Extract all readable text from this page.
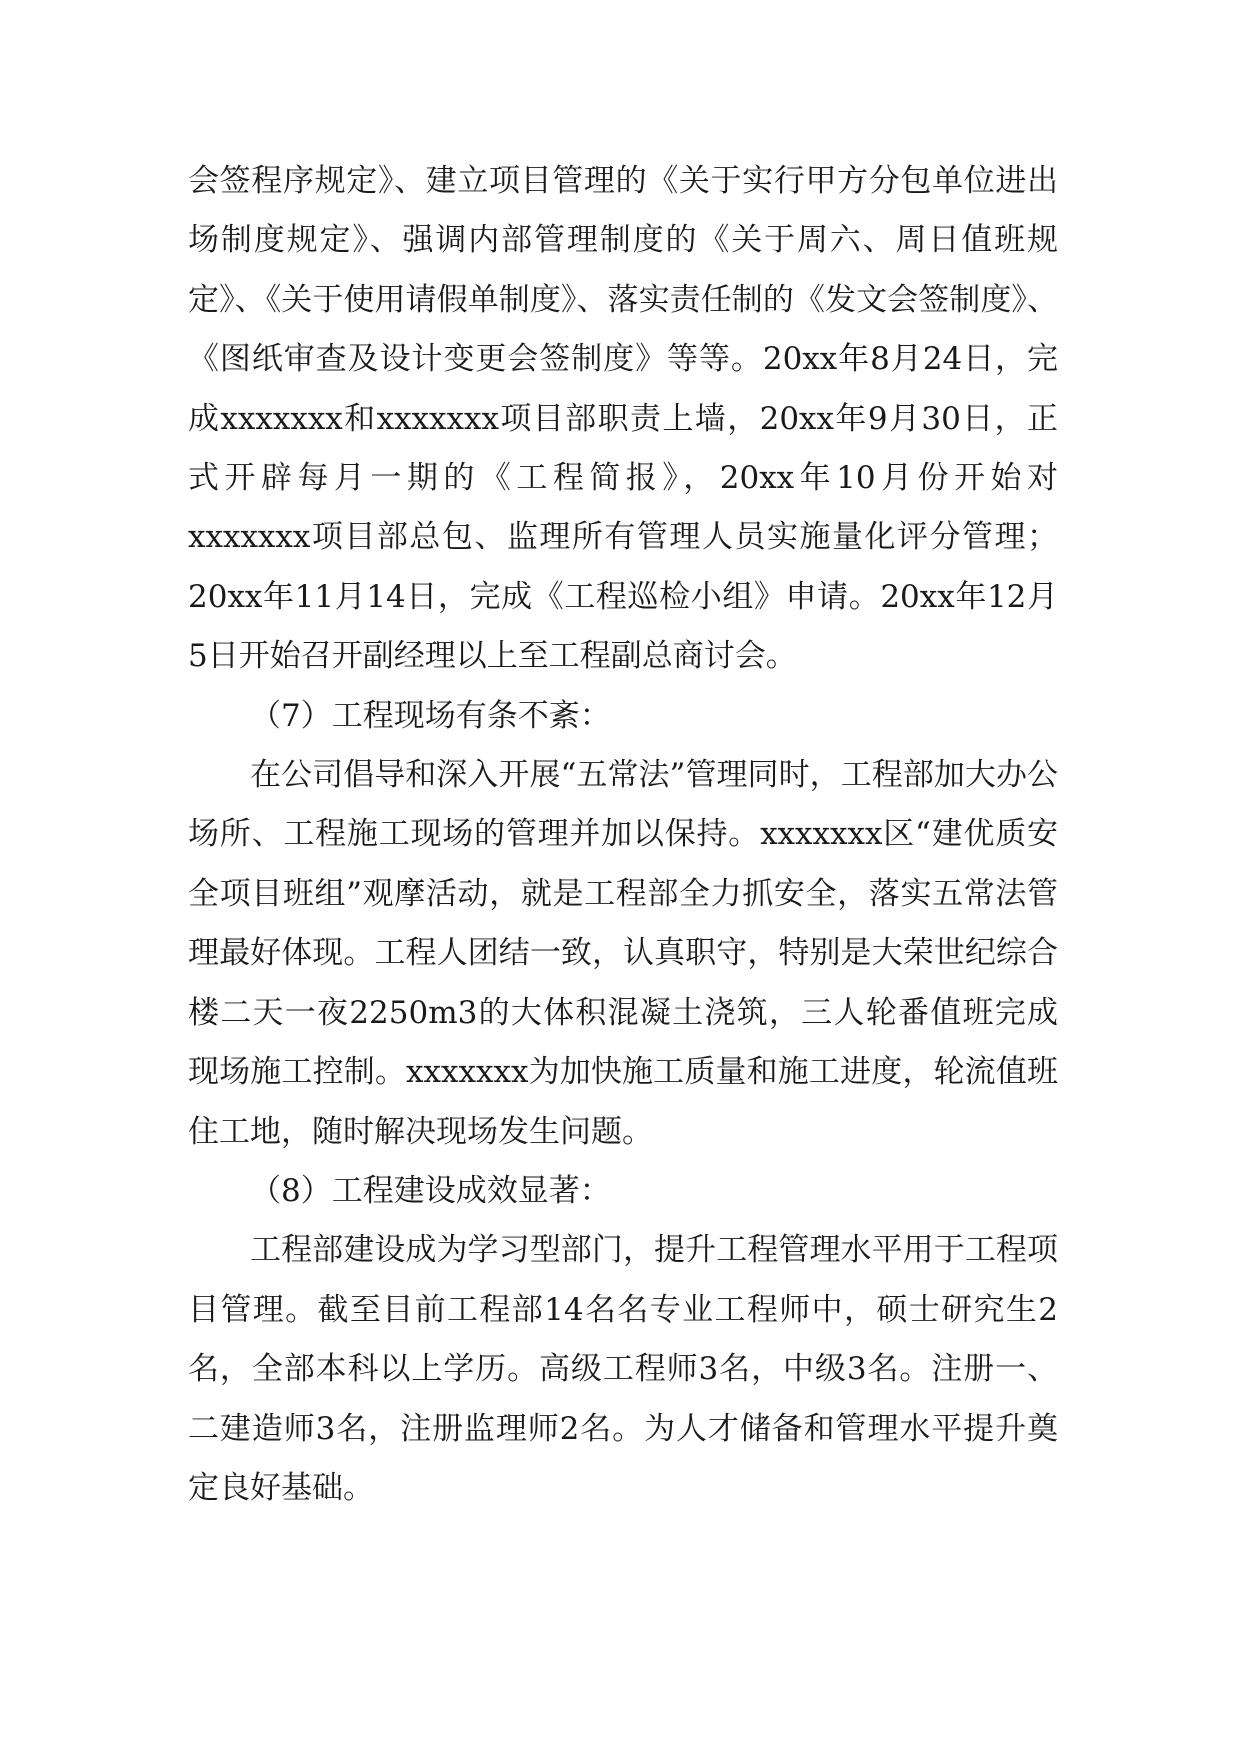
会签程序规定》、建立项目管理的《关于实行甲方分包单位进出场制度规定》、强调内部管理制度的《关于周六、周日值班规定》、《关于使用请假单制度》、落实责任制的《发文会签制度》、《图纸审查及设计变更会签制度》等等。20xx年8月24日，完成xxxxxxx和xxxxxxx项目部职责上墙，20xx年9月30日，正式开辟每月一期的《工程简报》，20xx年10月份开始对xxxxxxx项目部总包、监理所有管理人员实施量化评分管理；20xx年11月14日，完成《工程巡检小组》申请。20xx年12月5日开始召开副经理以上至工程副总商讨会。

（7）工程现场有条不紊：

在公司倡导和深入开展“五常法”管理同时，工程部加大办公场所、工程施工现场的管理并加以保持。xxxxxxx区“建优质安全项目班组”观摩活动，就是工程部全力抓安全，落实五常法管理最好体现。工程人团结一致，认真职守，特别是大荣世纪综合楼二天一夜2250m3的大体积混凝土浇筑，三人轮番值班完成现场施工控制。xxxxxxx为加快施工质量和施工进度，轮流值班住工地，随时解决现场发生问题。

（8）工程建设成效显著：

工程部建设成为学习型部门，提升工程管理水平用于工程项目管理。截至目前工程部14名名专业工程师中，硕士研究生2名，全部本科以上学历。高级工程师3名，中级3名。注册一、二建造师3名，注册监理师2名。为人才储备和管理水平提升奠定良好基础。
